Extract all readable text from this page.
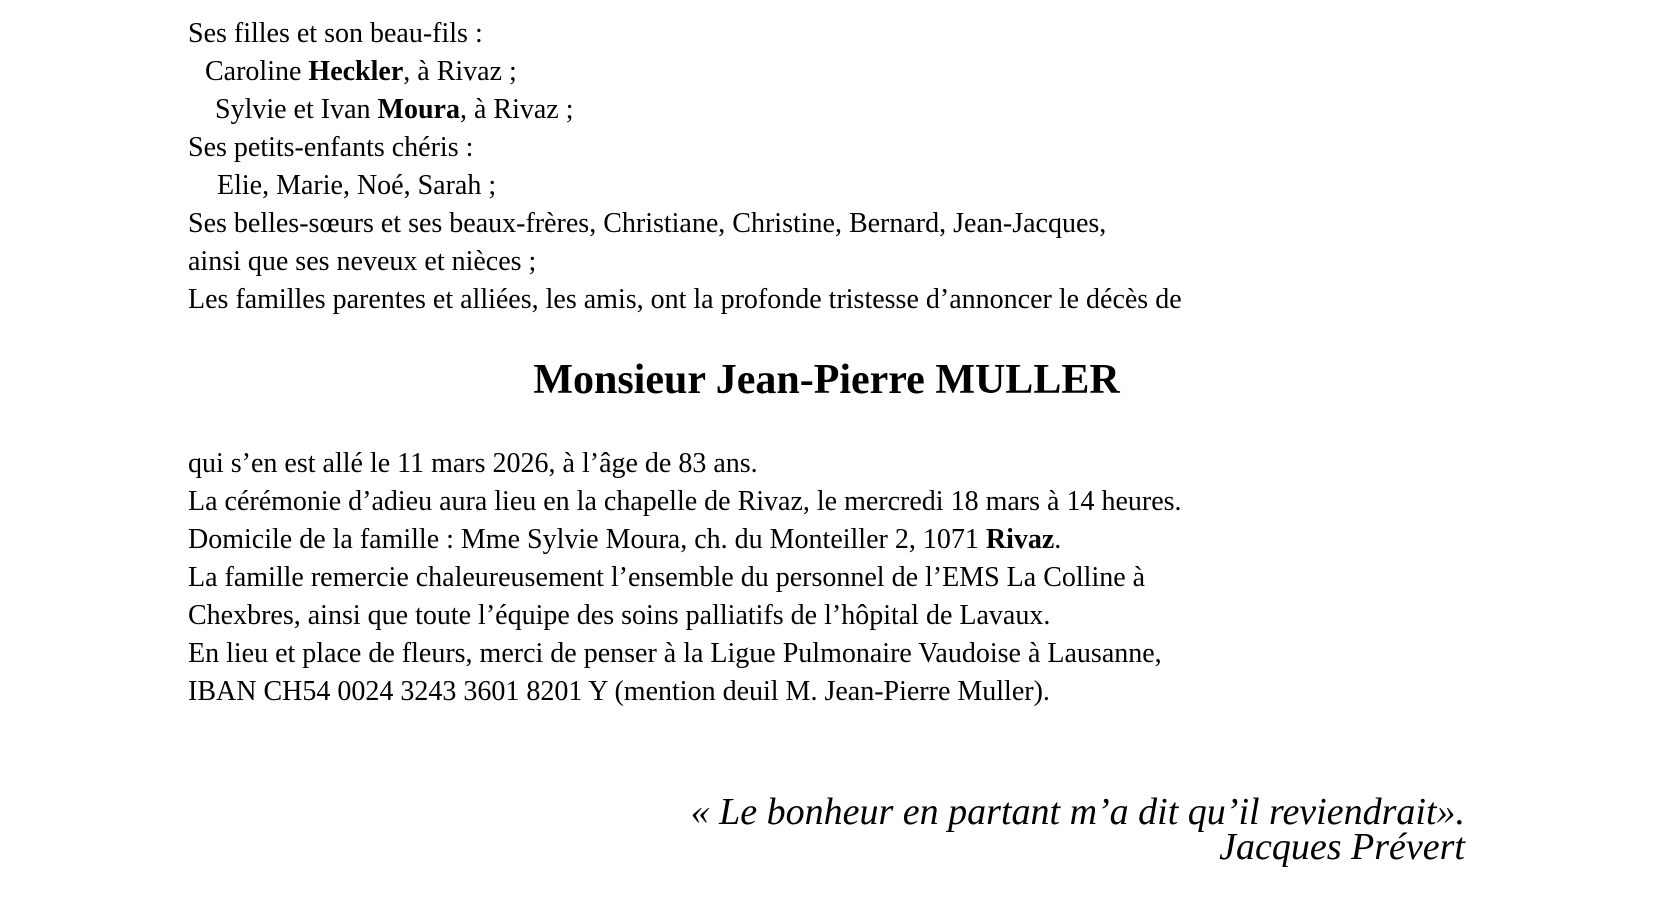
Ses filles et son beau-fils :
Caroline Heckler, à Rivaz ;
Sylvie et Ivan Moura, à Rivaz ;
Ses petits-enfants chéris :
Elie, Marie, Noé, Sarah ;
Ses belles-sœurs et ses beaux-frères, Christiane, Christine, Bernard, Jean-Jacques,
ainsi que ses neveux et nièces ;
Les familles parentes et alliées, les amis, ont la profonde tristesse d’annoncer le décès de
Monsieur Jean-Pierre MULLER
qui s’en est allé le 11 mars 2026, à l’âge de 83 ans.
La cérémonie d’adieu aura lieu en la chapelle de Rivaz, le mercredi 18 mars à 14 heures.
Domicile de la famille : Mme Sylvie Moura, ch. du Monteiller 2, 1071 Rivaz.
La famille remercie chaleureusement l’ensemble du personnel de l’EMS La Colline à
Chexbres, ainsi que toute l’équipe des soins palliatifs de l’hôpital de Lavaux.
En lieu et place de fleurs, merci de penser à la Ligue Pulmonaire Vaudoise à Lausanne,
IBAN CH54 0024 3243 3601 8201 Y (mention deuil M. Jean-Pierre Muller).
« Le bonheur en partant m’a dit qu’il reviendrait».
Jacques Prévert
